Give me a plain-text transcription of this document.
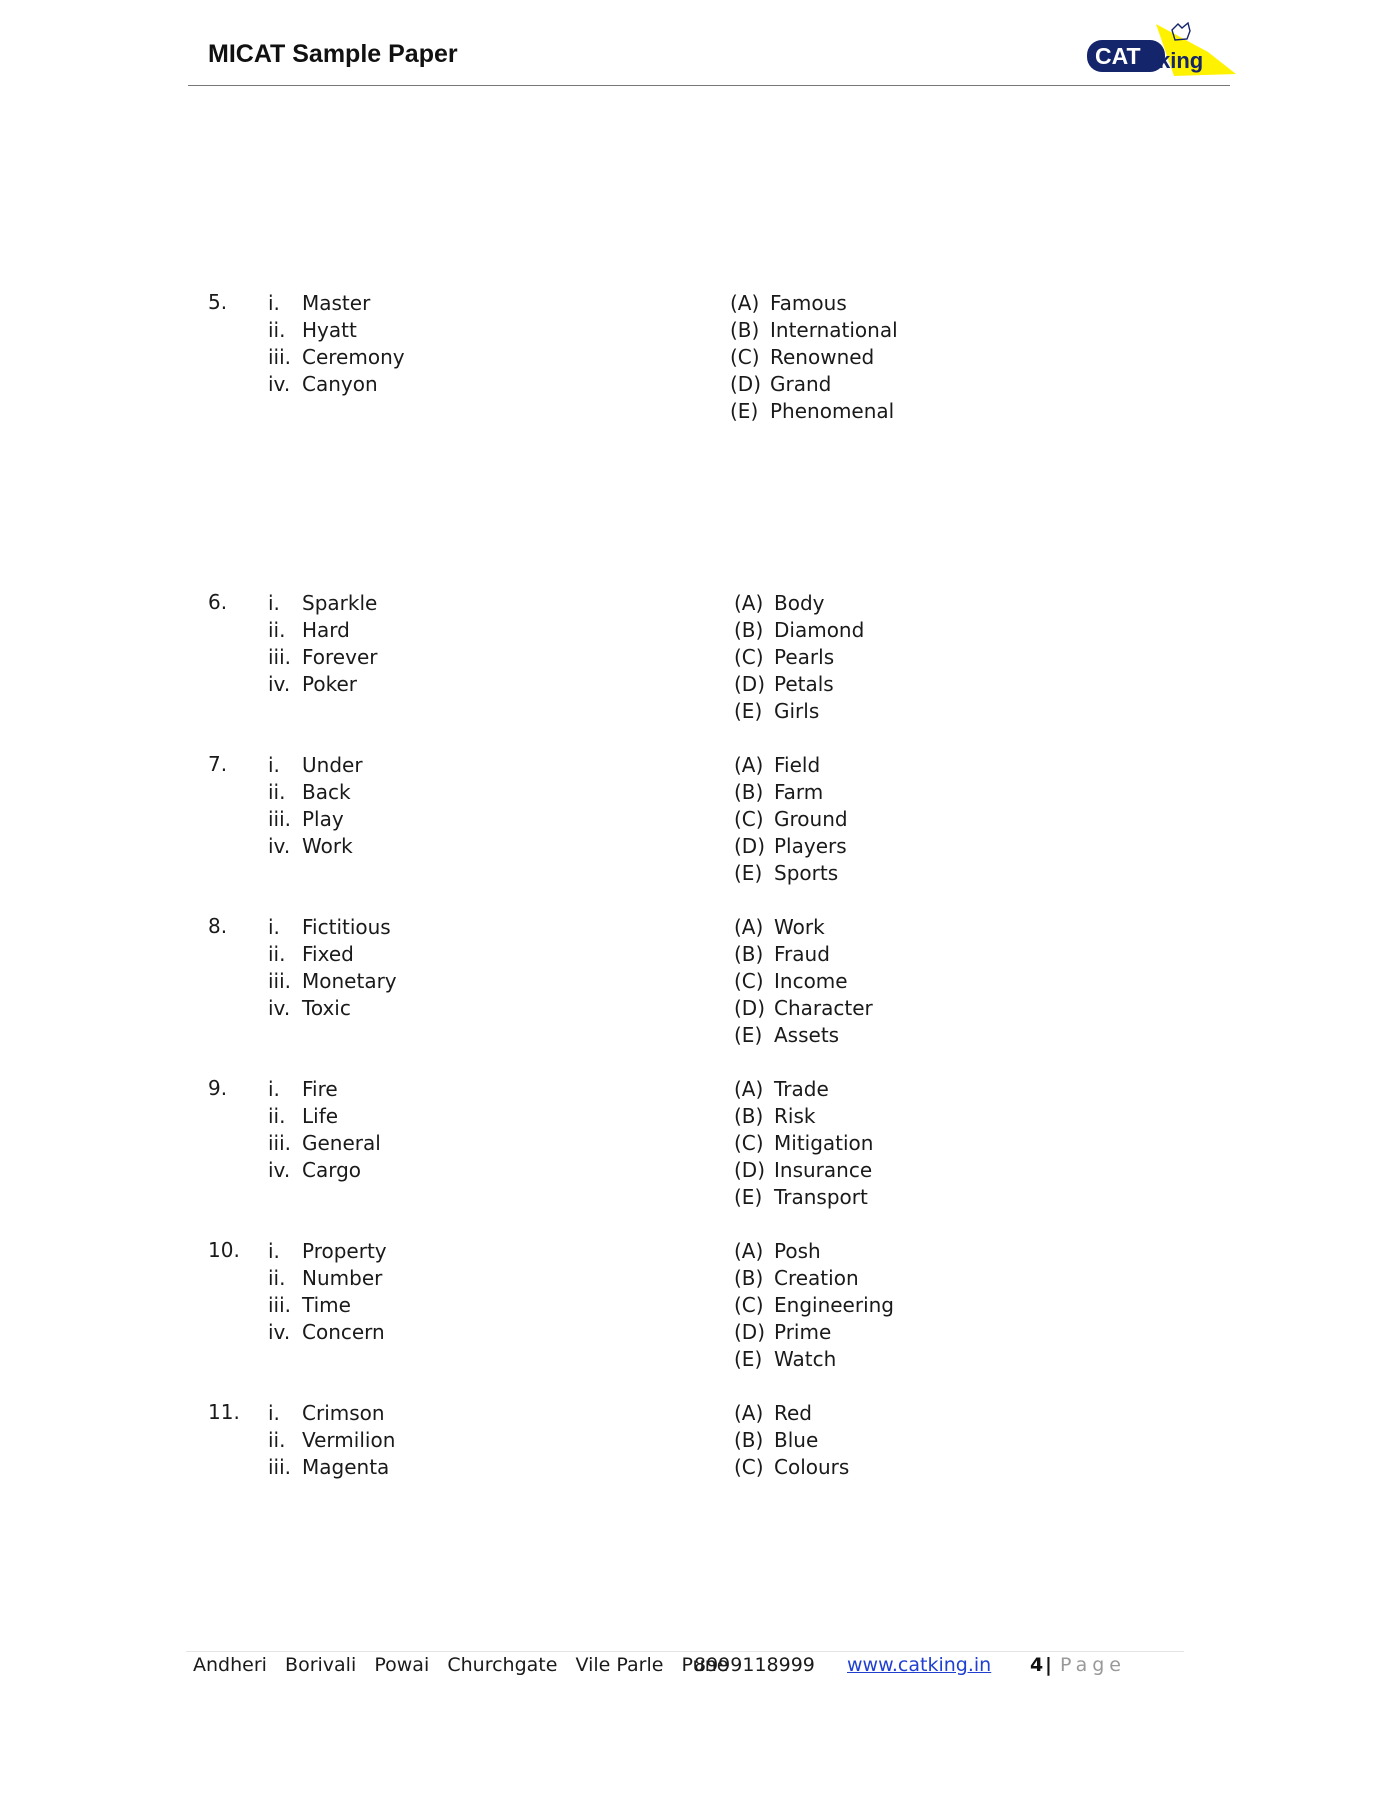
MICAT Sample Paper	CAT king
5. i. Master
ii. Hyatt
iii. Ceremony
iv. Canyon
(A) Famous
(B) International
(C) Renowned
(D) Grand
(E) Phenomenal
6. i. Sparkle
ii. Hard
iii. Forever
iv. Poker
(A) Body
(B) Diamond
(C) Pearls
(D) Petals
(E) Girls
7. i. Under
ii. Back
iii. Play
iv. Work
(A) Field
(B) Farm
(C) Ground
(D) Players
(E) Sports
8. i. Fictitious
ii. Fixed
iii. Monetary
iv. Toxic
(A) Work
(B) Fraud
(C) Income
(D) Character
(E) Assets
9. i. Fire
ii. Life
iii. General
iv. Cargo
(A) Trade
(B) Risk
(C) Mitigation
(D) Insurance
(E) Transport
10. i. Property
ii. Number
iii. Time
iv. Concern
(A) Posh
(B) Creation
(C) Engineering
(D) Prime
(E) Watch
11. i. Crimson
ii. Vermilion
iii. Magenta
(A) Red
(B) Blue
(C) Colours
Andheri   Borivali   Powai   Churchgate   Vile Parle   Pune
8999118999 www.catking.in 4 | Page
